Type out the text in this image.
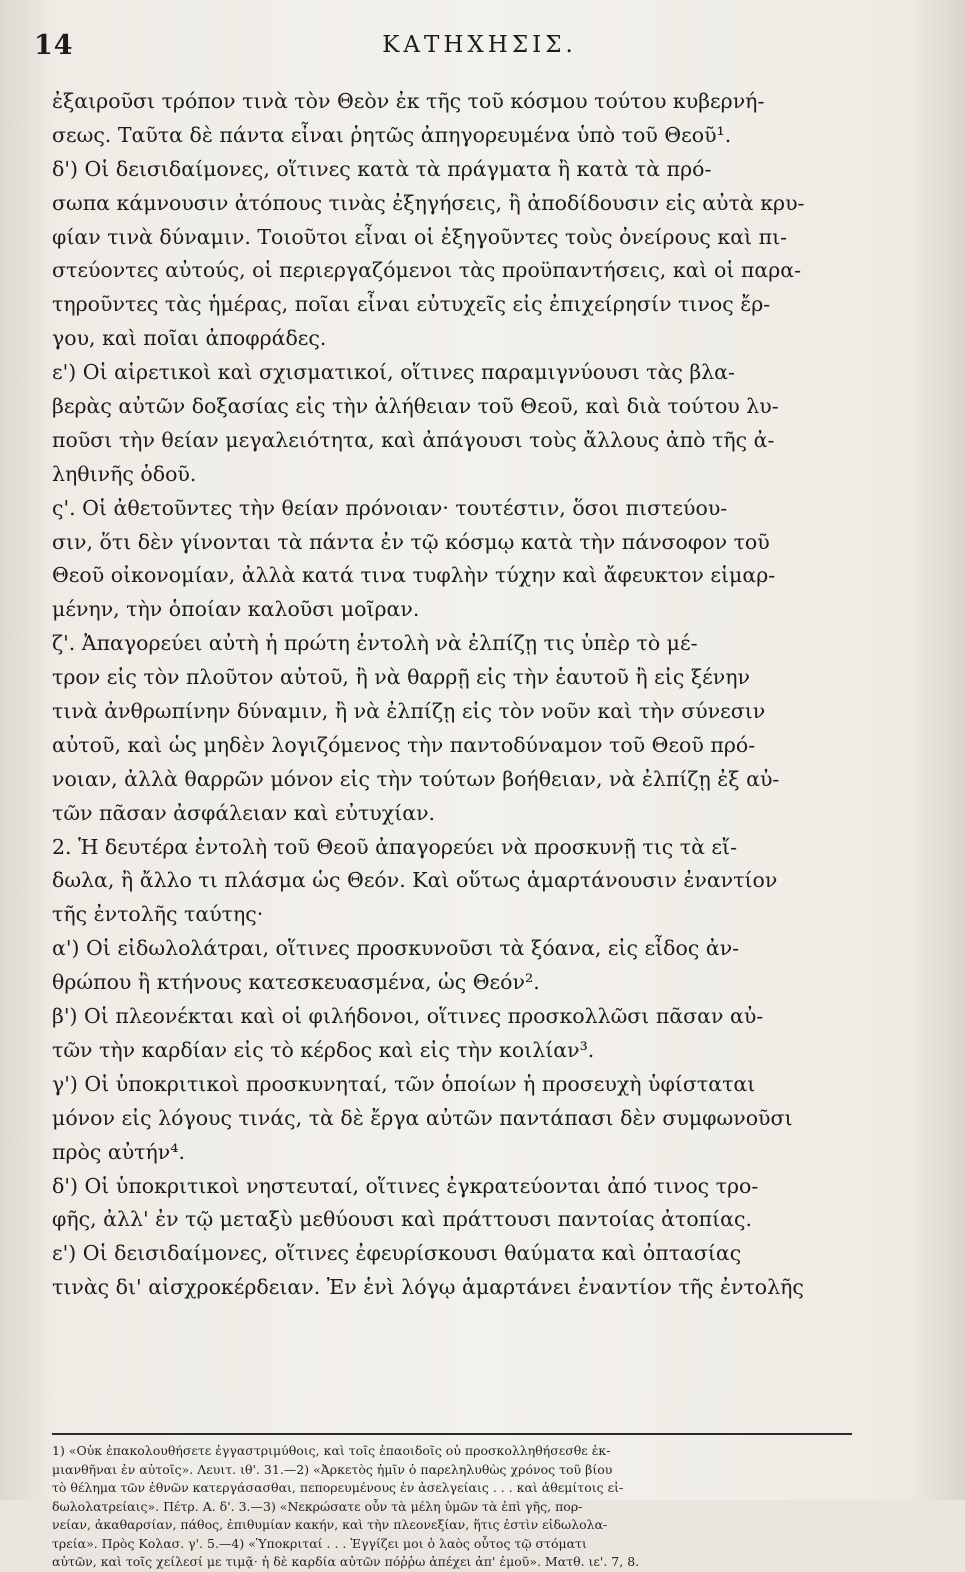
14	ΚΑΤΗΧΗΣΙΣ.
ἐξαιροῦσι τρόπον τινὰ τὸν Θεὸν ἐκ τῆς τοῦ κόσμου τούτου κυβερνή-
σεως. Ταῦτα δὲ πάντα εἶναι ῥητῶς ἀπηγορευμένα ὑπὸ τοῦ Θεοῦ¹.
δ') Οἱ δεισιδαίμονες, οἵτινες κατὰ τὰ πράγματα ἢ κατὰ τὰ πρό-
σωπα κάμνουσιν ἀτόπους τινὰς ἐξηγήσεις, ἢ ἀποδίδουσιν εἰς αὐτὰ κρυ-
φίαν τινὰ δύναμιν. Τοιοῦτοι εἶναι οἱ ἐξηγοῦντες τοὺς ὀνείρους καὶ πι-
στεύοντες αὐτούς, οἱ περιεργαζόμενοι τὰς προϋπαντήσεις, καὶ οἱ παρα-
τηροῦντες τὰς ἡμέρας, ποῖαι εἶναι εὐτυχεῖς εἰς ἐπιχείρησίν τινος ἔρ-
γου, καὶ ποῖαι ἀποφράδες.
ε') Οἱ αἱρετικοὶ καὶ σχισματικοί, οἵτινες παραμιγνύουσι τὰς βλα-
βερὰς αὐτῶν δοξασίας εἰς τὴν ἀλήθειαν τοῦ Θεοῦ, καὶ διὰ τούτου λυ-
ποῦσι τὴν θείαν μεγαλειότητα, καὶ ἀπάγουσι τοὺς ἄλλους ἀπὸ τῆς ἀ-
ληθινῆς ὁδοῦ.
ς'. Οἱ ἀθετοῦντες τὴν θείαν πρόνοιαν· τουτέστιν, ὅσοι πιστεύου-
σιν, ὅτι δὲν γίνονται τὰ πάντα ἐν τῷ κόσμῳ κατὰ τὴν πάνσοφον τοῦ
Θεοῦ οἰκονομίαν, ἀλλὰ κατά τινα τυφλὴν τύχην καὶ ἄφευκτον εἱμαρ-
μένην, τὴν ὁποίαν καλοῦσι μοῖραν.
ζ'. Ἀπαγορεύει αὐτὴ ἡ πρώτη ἐντολὴ νὰ ἐλπίζῃ τις ὑπὲρ τὸ μέ-
τρον εἰς τὸν πλοῦτον αὐτοῦ, ἢ νὰ θαρρῇ εἰς τὴν ἑαυτοῦ ἢ εἰς ξένην
τινὰ ἀνθρωπίνην δύναμιν, ἢ νὰ ἐλπίζῃ εἰς τὸν νοῦν καὶ τὴν σύνεσιν
αὐτοῦ, καὶ ὡς μηδὲν λογιζόμενος τὴν παντοδύναμον τοῦ Θεοῦ πρό-
νοιαν, ἀλλὰ θαρρῶν μόνον εἰς τὴν τούτων βοήθειαν, νὰ ἐλπίζῃ ἐξ αὐ-
τῶν πᾶσαν ἀσφάλειαν καὶ εὐτυχίαν.
2. Ἡ δευτέρα ἐντολὴ τοῦ Θεοῦ ἀπαγορεύει νὰ προσκυνῇ τις τὰ εἴ-
δωλα, ἢ ἄλλο τι πλάσμα ὡς Θεόν. Καὶ οὕτως ἁμαρτάνουσιν ἐναντίον
τῆς ἐντολῆς ταύτης·
α') Οἱ εἰδωλολάτραι, οἵτινες προσκυνοῦσι τὰ ξόανα, εἰς εἶδος ἀν-
θρώπου ἢ κτήνους κατεσκευασμένα, ὡς Θεόν².
β') Οἱ πλεονέκται καὶ οἱ φιλήδονοι, οἵτινες προσκολλῶσι πᾶσαν αὐ-
τῶν τὴν καρδίαν εἰς τὸ κέρδος καὶ εἰς τὴν κοιλίαν³.
γ') Οἱ ὑποκριτικοὶ προσκυνηταί, τῶν ὁποίων ἡ προσευχὴ ὑφίσταται
μόνον εἰς λόγους τινάς, τὰ δὲ ἔργα αὐτῶν παντάπασι δὲν συμφωνοῦσι
πρὸς αὐτήν⁴.
δ') Οἱ ὑποκριτικοὶ νηστευταί, οἵτινες ἐγκρατεύονται ἀπό τινος τρο-
φῆς, ἀλλ' ἐν τῷ μεταξὺ μεθύουσι καὶ πράττουσι παντοίας ἀτοπίας.
ε') Οἱ δεισιδαίμονες, οἵτινες ἐφευρίσκουσι θαύματα καὶ ὀπτασίας
τινὰς δι' αἰσχροκέρδειαν. Ἐν ἑνὶ λόγῳ ἁμαρτάνει ἐναντίον τῆς ἐντολῆς
1) «Οὐκ ἐπακολουθήσετε ἐγγαστριμύθοις, καὶ τοῖς ἐπαοιδοῖς οὐ προσκολληθήσεσθε ἐκ-
μιανθῆναι ἐν αὐτοῖς». Λευιτ. ιθ'. 31.—2) «Ἀρκετὸς ἡμῖν ὁ παρεληλυθὼς χρόνος τοῦ βίου
τὸ θέλημα τῶν ἐθνῶν κατεργάσασθαι, πεπορευμένους ἐν ἀσελγείαις . . . καὶ ἀθεμίτοις εἰ-
δωλολατρείαις». Πέτρ. Α. δ'. 3.—3) «Νεκρώσατε οὖν τὰ μέλη ὑμῶν τὰ ἐπὶ γῆς, πορ-
νείαν, ἀκαθαρσίαν, πάθος, ἐπιθυμίαν κακήν, καὶ τὴν πλεονεξίαν, ἥτις ἐστὶν εἰδωλολα-
τρεία». Πρὸς Κολασ. γ'. 5.—4) «Ὑποκριταί . . . Ἐγγίζει μοι ὁ λαὸς οὗτος τῷ στόματι
αὐτῶν, καὶ τοῖς χείλεσί με τιμᾷ· ἡ δὲ καρδία αὐτῶν πόῤῥω ἀπέχει ἀπ' ἐμοῦ». Ματθ. ιε'. 7, 8.
